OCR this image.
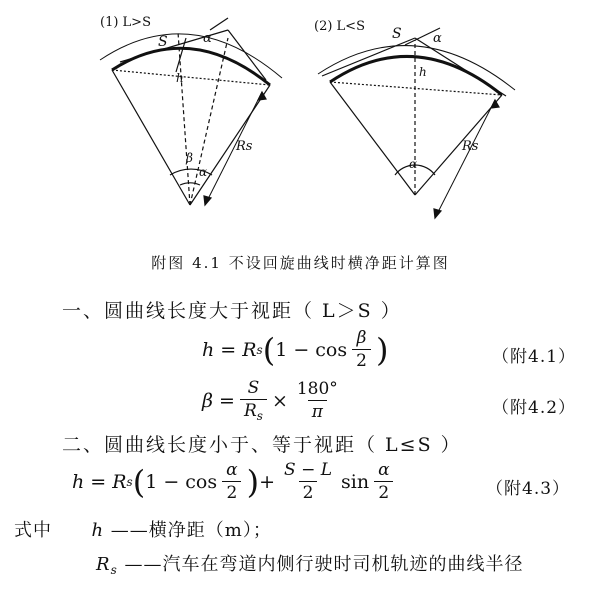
(1) L>S
S	α
h
β
α
Rs
(2) L<S S α
h
α
Rs
附图 4.1 不设回旋曲线时横净距计算图
一、圆曲线长度大于视距（ L＞S ）
h = R s ( $1 - \cos \frac{\beta}{2}$ )	（附4.1）
$\beta = \frac{S}{R_s} \times \frac{180^\circ}{\pi}$	（附4.2）
二、圆曲线长度小于、等于视距（ L≤S ）
h = R s ( $1 - \cos \frac{\alpha}{2}$ ) + $\frac{S - L}{2}$ $\sin \frac{\alpha}{2}$	（附4.3）
式中 h ——横净距（m）；
$R_s$ ——汽车在弯道内侧行驶时司机轨迹的曲线半径
